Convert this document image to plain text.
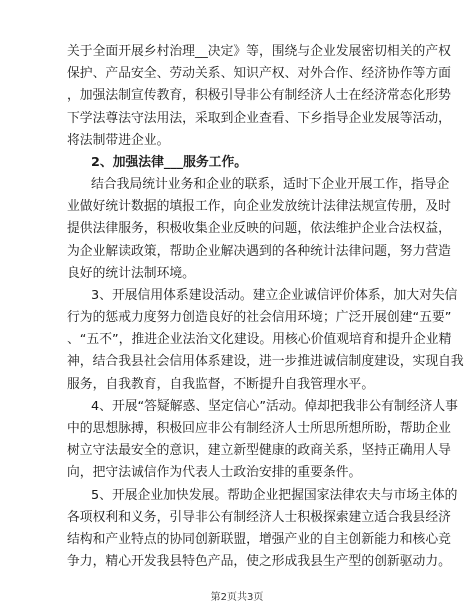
关于全面开展乡村治理__决定》等，围绕与企业发展密切相关的产权
保护、产品安全、劳动关系、知识产权、对外合作、经济协作等方面
，加强法制宣传教育，积极引导非公有制经济人士在经济常态化形势
下学法尊法守法用法，采取到企业查看、下乡指导企业发展等活动，
将法制带进企业。
2、加强法律___服务工作。
结合我局统计业务和企业的联系，适时下企业开展工作，指导企
业做好统计数据的填报工作，向企业发放统计法律法规宣传册，及时
提供法律服务，积极收集企业反映的问题，依法维护企业合法权益，
为企业解读政策，帮助企业解决遇到的各种统计法律问题，努力营造
良好的统计法制环境。
3、开展信用体系建设活动。建立企业诚信评价体系，加大对失信
行为的惩戒力度努力创造良好的社会信用环境；广泛开展创建“五要”
、“五不”，推进企业法治文化建设。用核心价值观培育和提升企业精
神，结合我县社会信用体系建设，进一步推进诚信制度建设，实现自我
服务，自我教育，自我监督，不断提升自我管理水平。
4、开展“答疑解惑、坚定信心”活动。倬却把我非公有制经济人事
中的思想脉搏，积极回应非公有制经济人士所思所想所盼，帮助企业
树立守法最安全的意识，建立新型健康的政商关系，坚持正确用人导
向，把守法诚信作为代表人士政治安排的重要条件。
5、开展企业加快发展。帮助企业把握国家法律农夫与市场主体的
各项权利和义务，引导非公有制经济人士积极探索建立适合我县经济
结构和产业特点的协同创新联盟，增强产业的自主创新能力和核心竞
争力，精心开发我县特色产品，使之形成我县生产型的创新驱动力。
第2页共3页
